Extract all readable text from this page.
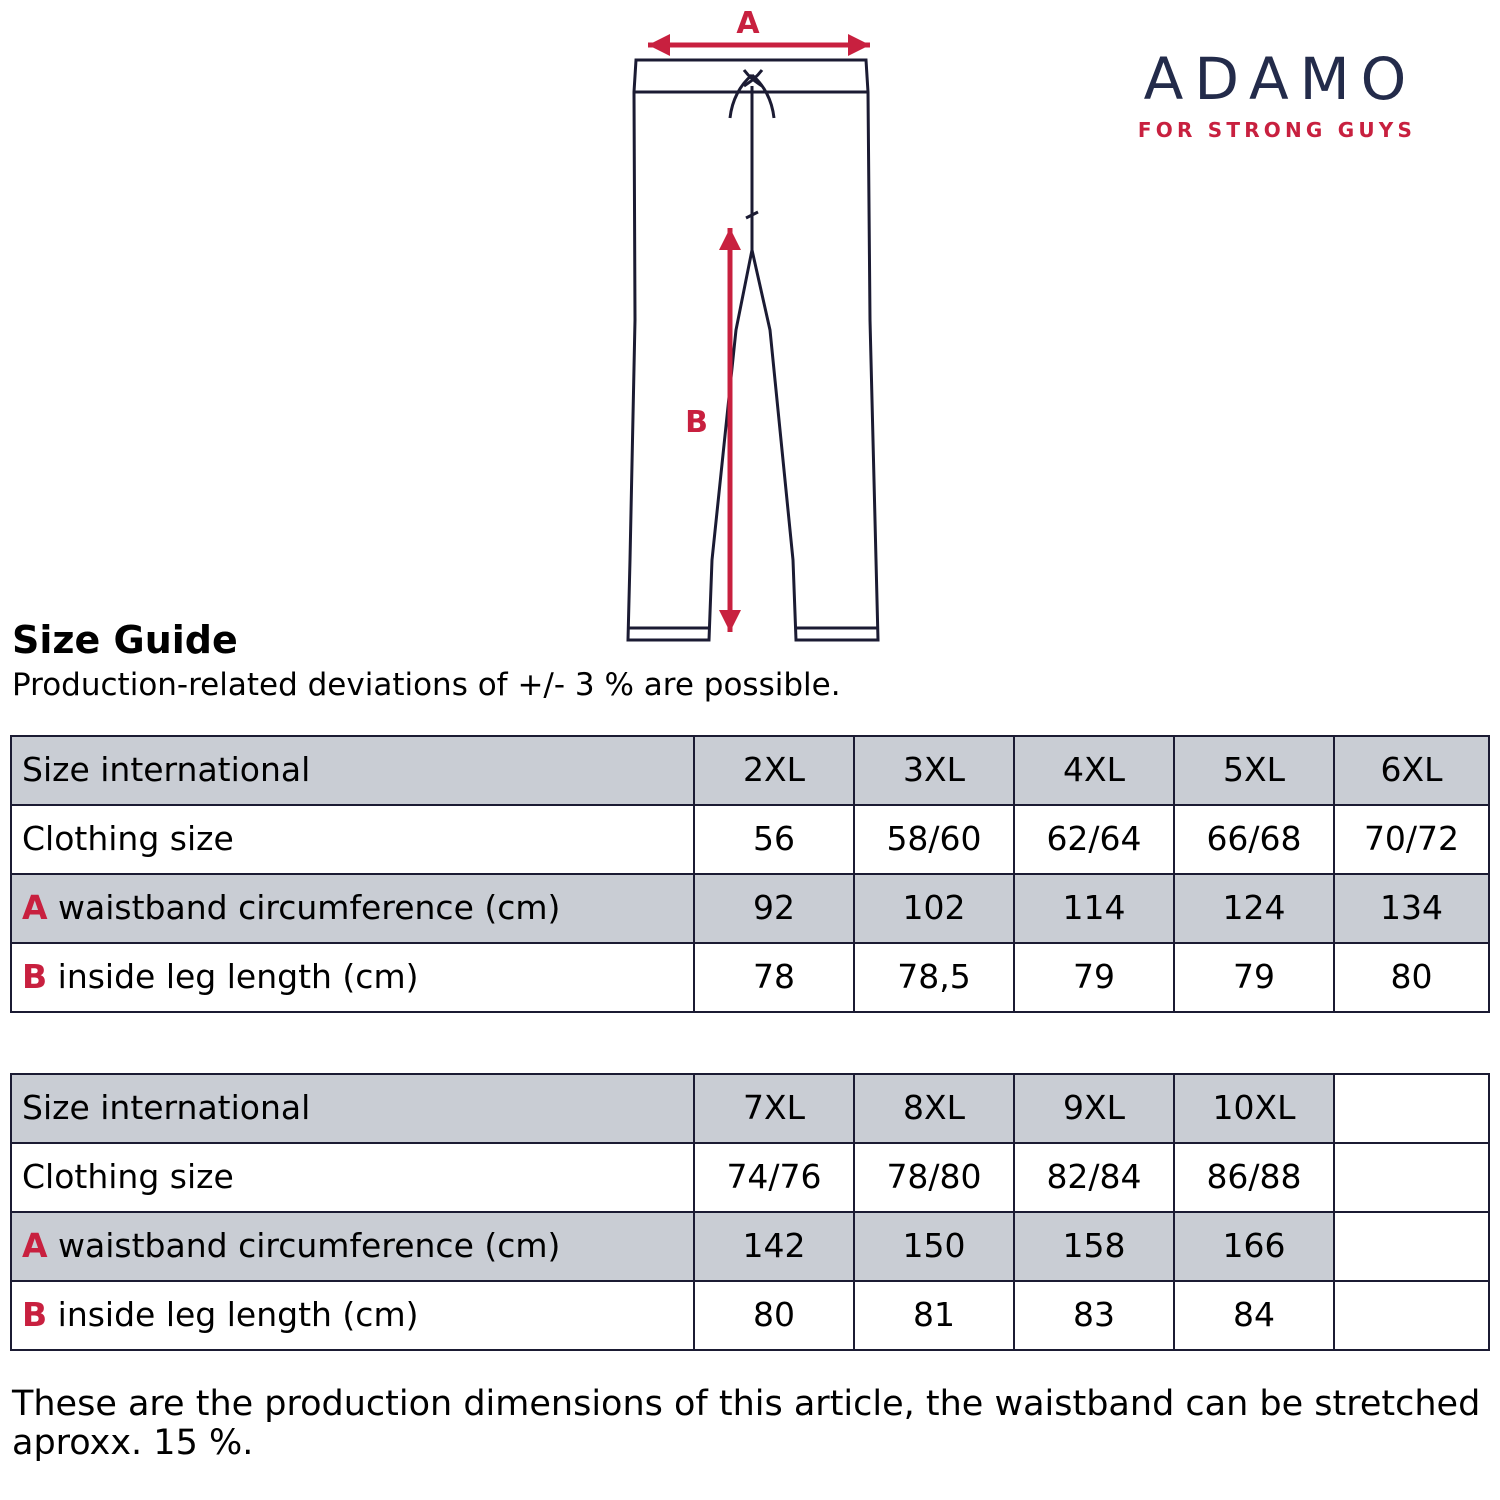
ADAMO
FOR STRONG GUYS
A
B
Size Guide
Production-related deviations of +/- 3 % are possible.
Size international	2XL	3XL	4XL	5XL	6XL
Clothing size	56	58/60	62/64	66/68	70/72
A waistband circumference (cm)	92	102	114	124	134
B inside leg length (cm)	78	78,5	79	79	80
Size international	7XL	8XL	9XL	10XL	
Clothing size	74/76	78/80	82/84	86/88	
A waistband circumference (cm)	142	150	158	166	
B inside leg length (cm)	80	81	83	84	
These are the production dimensions of this article, the waistband can be stretched aproxx. 15 %.
